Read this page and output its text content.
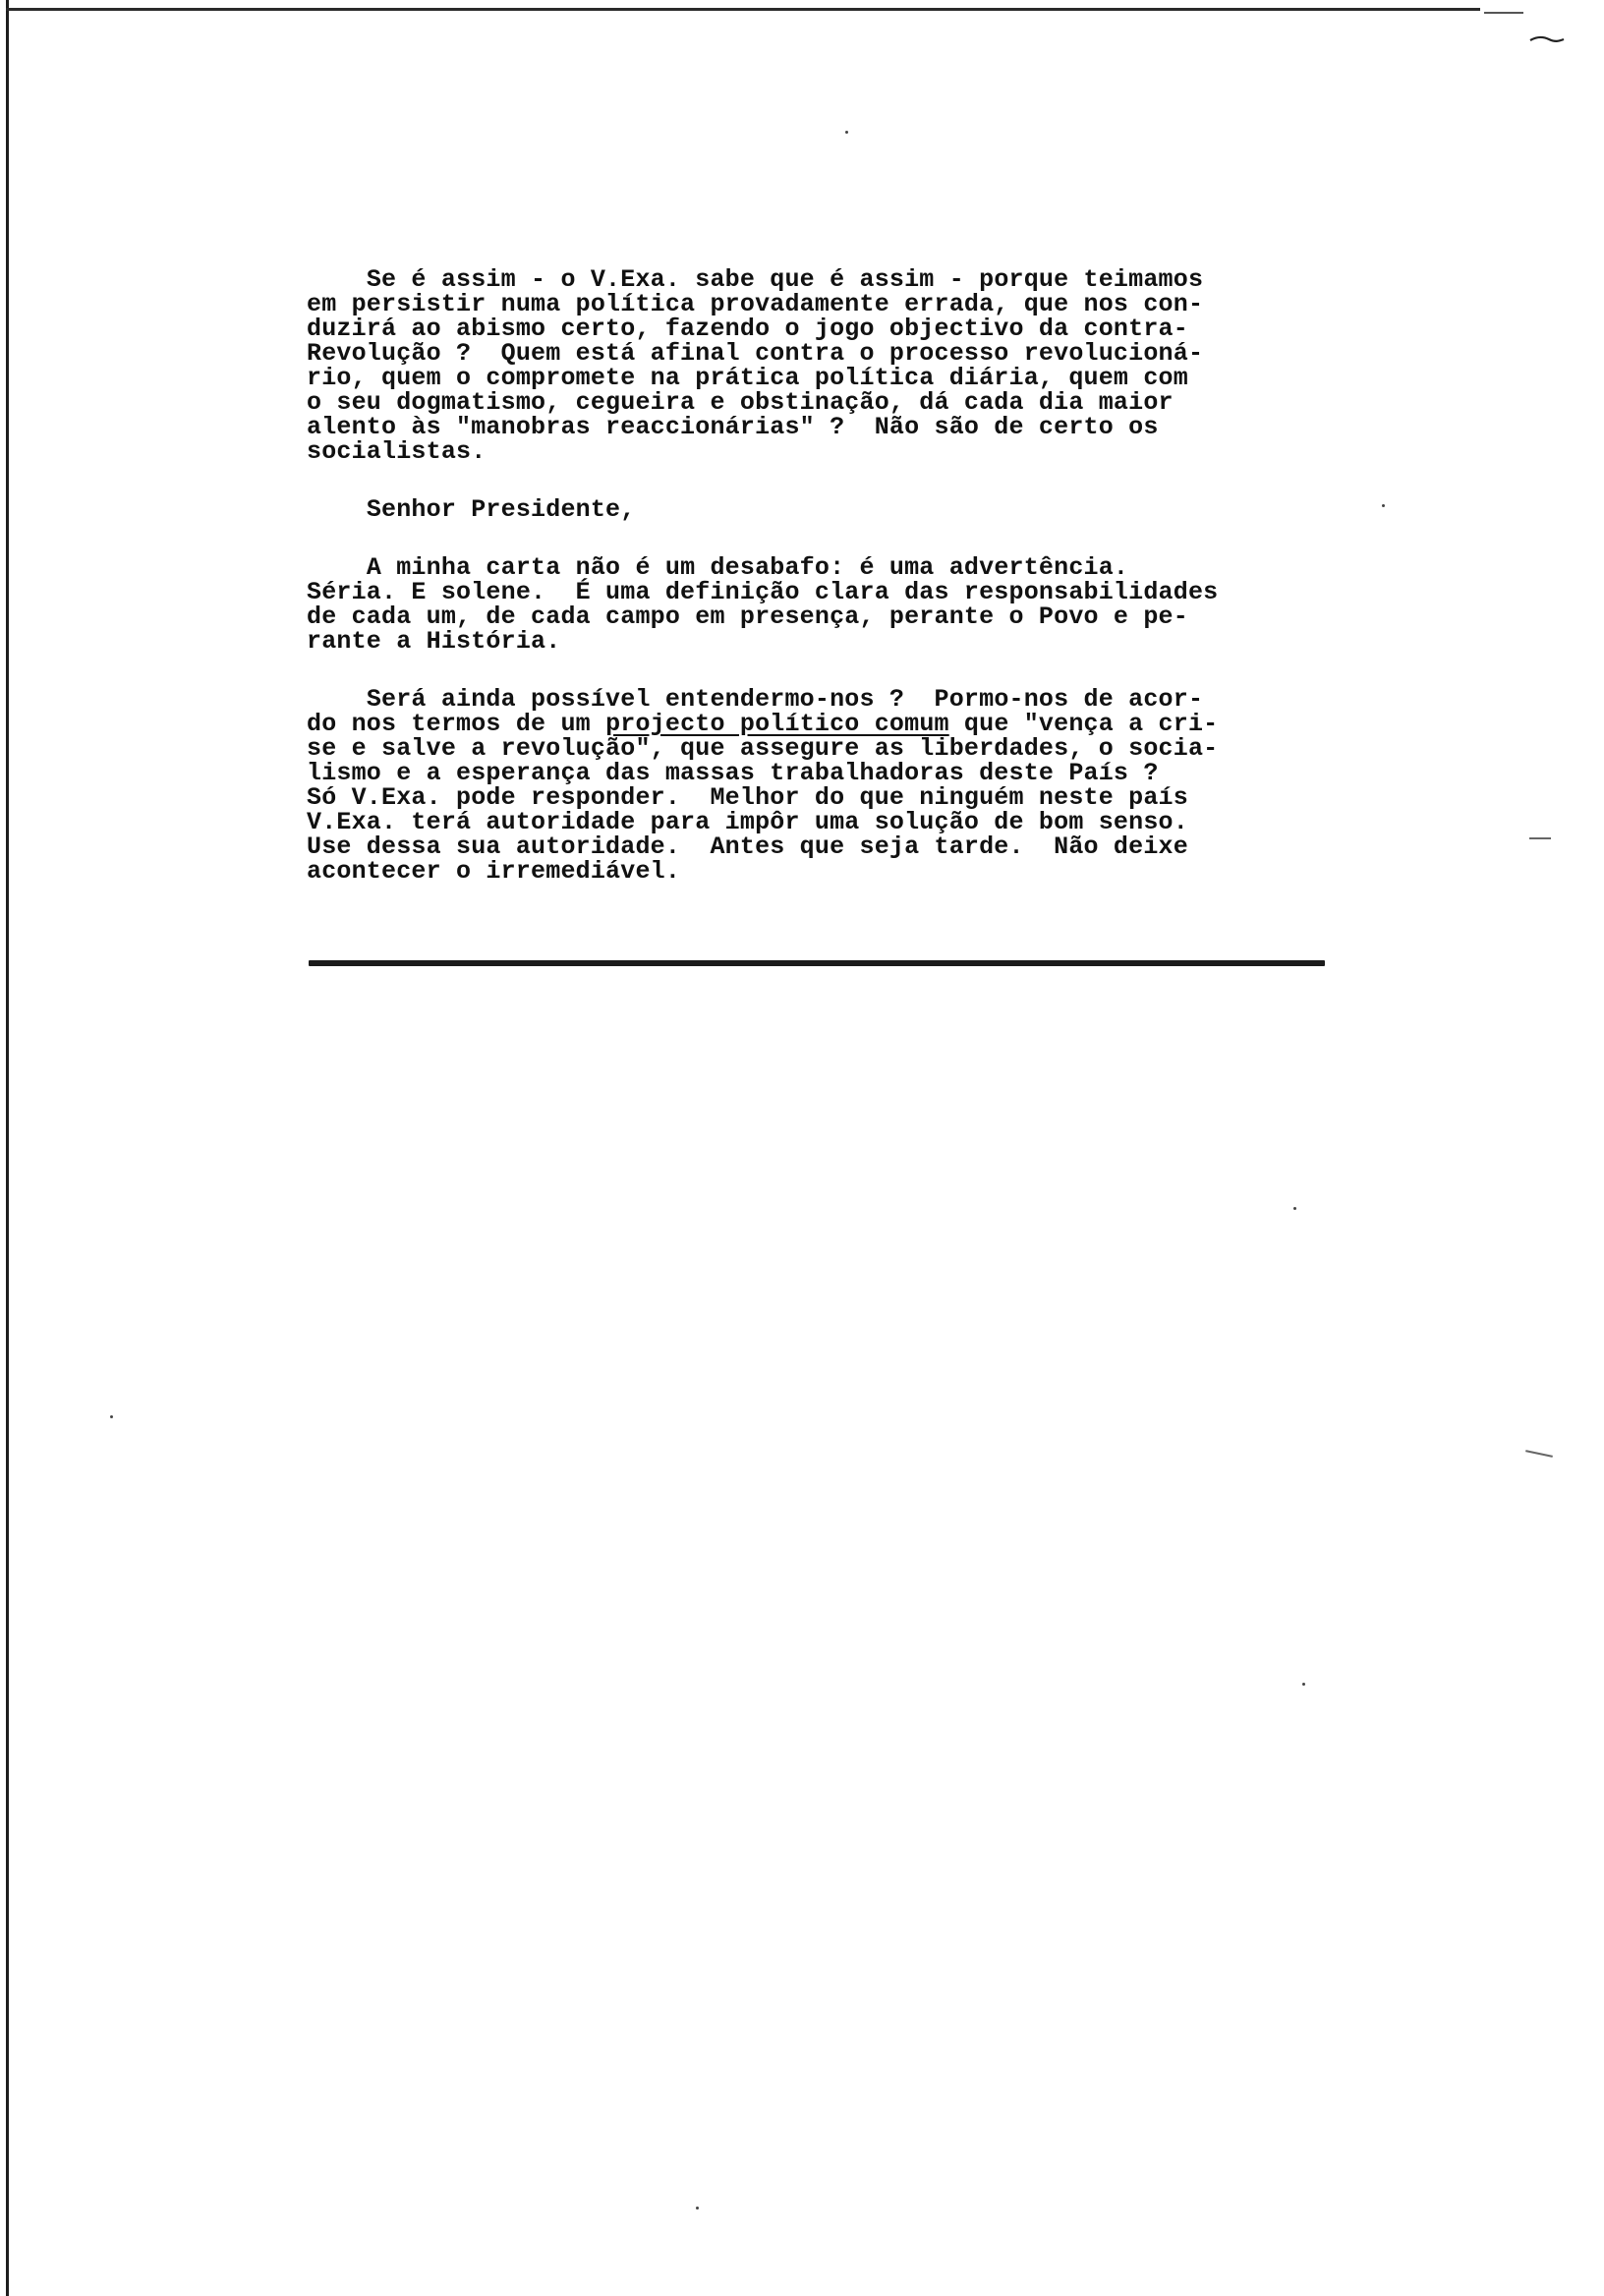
Se é assim - o V.Exa. sabe que é assim - porque teimamos
em persistir numa política provadamente errada, que nos con-
duzirá ao abismo certo, fazendo o jogo objectivo da contra-
Revolução ?  Quem está afinal contra o processo revolucioná-
rio, quem o compromete na prática política diária, quem com
o seu dogmatismo, cegueira e obstinação, dá cada dia maior
alento às "manobras reaccionárias" ?  Não são de certo os
socialistas.
Senhor Presidente,
A minha carta não é um desabafo: é uma advertência.
Séria. E solene.  É uma definição clara das responsabilidades
de cada um, de cada campo em presença, perante o Povo e pe-
rante a História.
Será ainda possível entendermo-nos ?  Pormo-nos de acor-
do nos termos de um projecto político comum que "vença a cri-
se e salve a revolução", que assegure as liberdades, o socia-
lismo e a esperança das massas trabalhadoras deste País ?
Só V.Exa. pode responder.  Melhor do que ninguém neste país
V.Exa. terá autoridade para impôr uma solução de bom senso.
Use dessa sua autoridade.  Antes que seja tarde.  Não deixe
acontecer o irremediável.
